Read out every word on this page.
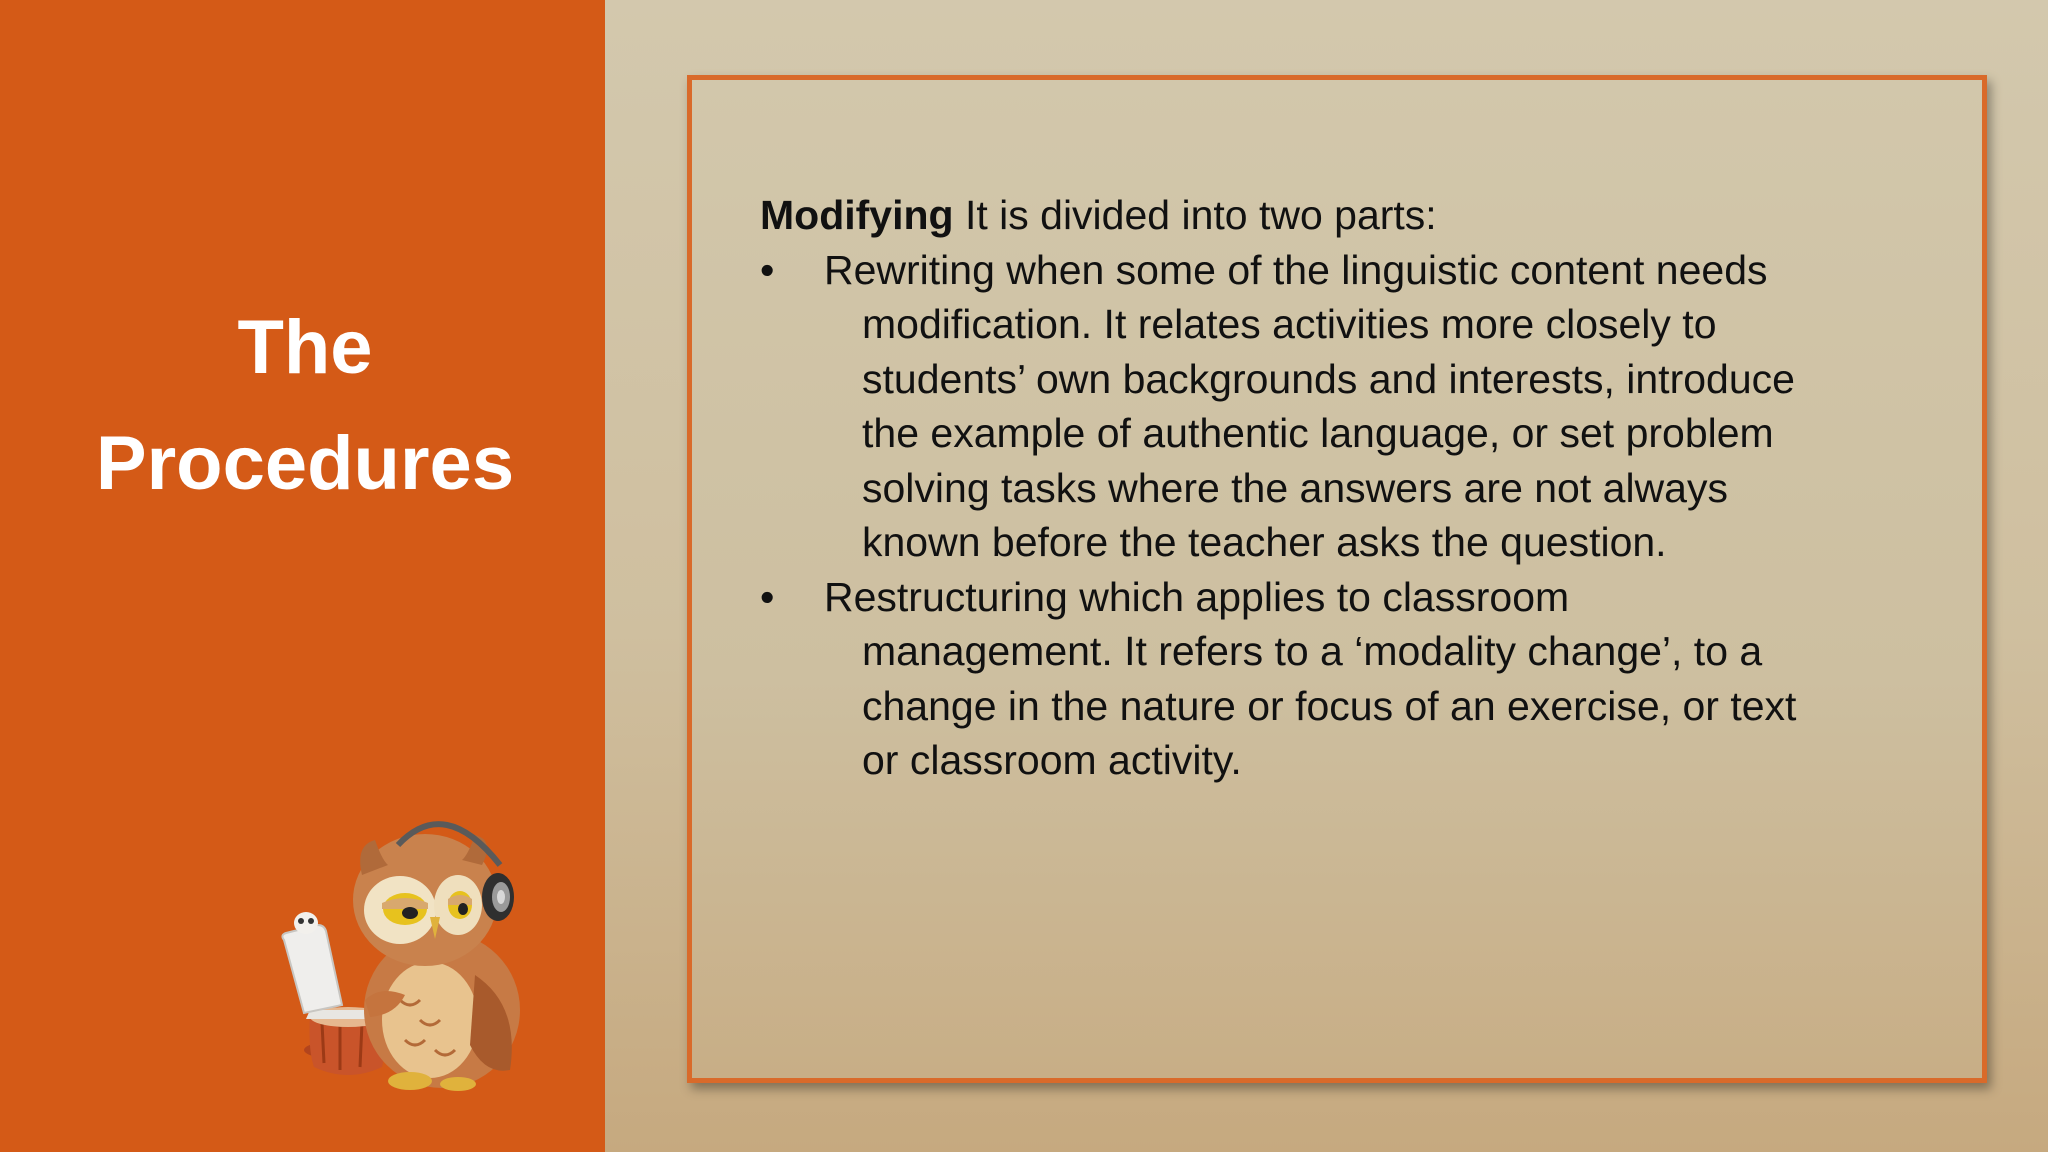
The
Procedures

Modifying It is divided into two parts:

•	Rewriting when some of the linguistic content needs
modification. It relates activities more closely to
students’ own backgrounds and interests, introduce
the example of authentic language, or set problem
solving tasks where the answers are not always
known before the teacher asks the question.
•	Restructuring which applies to classroom
management. It refers to a ‘modality change’, to a
change in the nature or focus of an exercise, or text
or classroom activity.
